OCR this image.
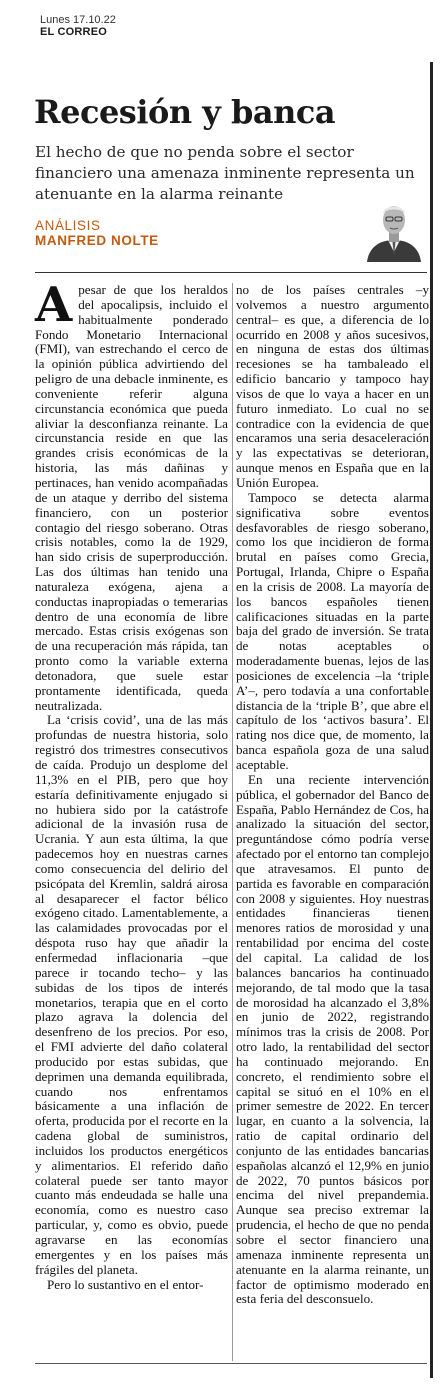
Lunes 17.10.22
EL CORREO
Recesión y banca

El hecho de que no penda sobre el sector financiero una amenaza inminente representa un atenuante en la alarma reinante

ANÁLISIS
MANFRED NOLTE

Apesar de que los heraldos del apocalipsis, incluido el habitualmente ponderado Fondo Monetario Internacional (FMI), van estrechando el cerco de la opinión pública advirtiendo del peligro de una debacle inminente, es conveniente referir alguna circunstancia económica que pueda aliviar la desconfianza reinante. La circunstancia reside en que las grandes crisis económicas de la historia, las más dañinas y pertinaces, han venido acompañadas de un ataque y derribo del sistema financiero, con un posterior contagio del riesgo soberano. Otras crisis notables, como la de 1929, han sido crisis de superproducción. Las dos últimas han tenido una naturaleza exógena, ajena a conductas inapropiadas o temerarias dentro de una economía de libre mercado. Estas crisis exógenas son de una recuperación más rápida, tan pronto como la variable externa detonadora, que suele estar prontamente identificada, queda neutralizada.

La ‘crisis covid’, una de las más profundas de nuestra historia, solo registró dos trimestres consecutivos de caída. Produjo un desplome del 11,3% en el PIB, pero que hoy estaría definitivamente enjugado si no hubiera sido por la catástrofe adicional de la invasión rusa de Ucrania. Y aun esta última, la que padecemos hoy en nuestras carnes como consecuencia del delirio del psicópata del Kremlin, saldrá airosa al desaparecer el factor bélico exógeno citado. Lamentablemente, a las calamidades provocadas por el déspota ruso hay que añadir la enfermedad inflacionaria –que parece ir tocando techo– y las subidas de los tipos de interés monetarios, terapia que en el corto plazo agrava la dolencia del desenfreno de los precios. Por eso, el FMI advierte del daño colateral producido por estas subidas, que deprimen una demanda equilibrada, cuando nos enfrentamos básicamente a una inflación de oferta, producida por el recorte en la cadena global de suministros, incluidos los productos energéticos y alimentarios. El referido daño colateral puede ser tanto mayor cuanto más endeudada se halle una economía, como es nuestro caso particular, y, como es obvio, puede agravarse en las economías emergentes y en los países más frágiles del planeta.

Pero lo sustantivo en el entor-

no de los países centrales –y volvemos a nuestro argumento central– es que, a diferencia de lo ocurrido en 2008 y años sucesivos, en ninguna de estas dos últimas recesiones se ha tambaleado el edificio bancario y tampoco hay visos de que lo vaya a hacer en un futuro inmediato. Lo cual no se contradice con la evidencia de que encaramos una seria desaceleración y las expectativas se deterioran, aunque menos en España que en la Unión Europea.

Tampoco se detecta alarma significativa sobre eventos desfavorables de riesgo soberano, como los que incidieron de forma brutal en países como Grecia, Portugal, Irlanda, Chipre o España en la crisis de 2008. La mayoría de los bancos españoles tienen calificaciones situadas en la parte baja del grado de inversión. Se trata de notas aceptables o moderadamente buenas, lejos de las posiciones de excelencia –la ‘triple A’–, pero todavía a una confortable distancia de la ‘triple B’, que abre el capítulo de los ‘activos basura’. El rating nos dice que, de momento, la banca española goza de una salud aceptable.

En una reciente intervención pública, el gobernador del Banco de España, Pablo Hernández de Cos, ha analizado la situación del sector, preguntándose cómo podría verse afectado por el entorno tan complejo que atravesamos. El punto de partida es favorable en comparación con 2008 y siguientes. Hoy nuestras entidades financieras tienen menores ratios de morosidad y una rentabilidad por encima del coste del capital. La calidad de los balances bancarios ha continuado mejorando, de tal modo que la tasa de morosidad ha alcanzado el 3,8% en junio de 2022, registrando mínimos tras la crisis de 2008. Por otro lado, la rentabilidad del sector ha continuado mejorando. En concreto, el rendimiento sobre el capital se situó en el 10% en el primer semestre de 2022. En tercer lugar, en cuanto a la solvencia, la ratio de capital ordinario del conjunto de las entidades bancarias españolas alcanzó el 12,9% en junio de 2022, 70 puntos básicos por encima del nivel prepandemia. Aunque sea preciso extremar la prudencia, el hecho de que no penda sobre el sector financiero una amenaza inminente representa un atenuante en la alarma reinante, un factor de optimismo moderado en esta feria del desconsuelo.
